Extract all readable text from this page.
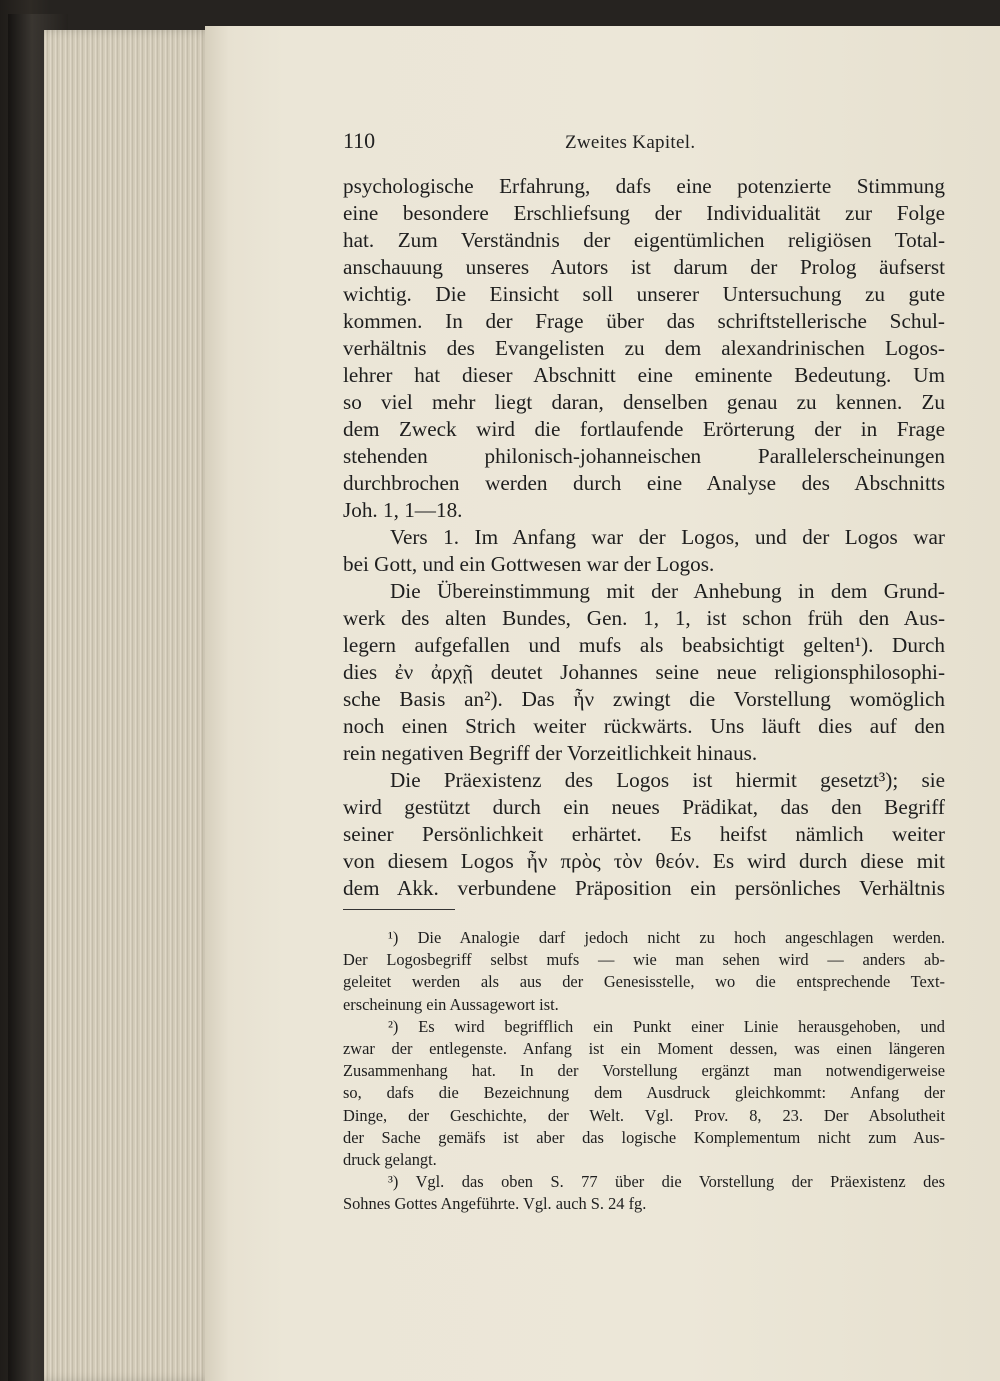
110	Zweites Kapitel.

psychologische Erfahrung, dafs eine potenzierte Stimmung

eine besondere Erschliefsung der Individualität zur Folge

hat. Zum Verständnis der eigentümlichen religiösen Total-

anschauung unseres Autors ist darum der Prolog äufserst

wichtig. Die Einsicht soll unserer Untersuchung zu gute

kommen. In der Frage über das schriftstellerische Schul-

verhältnis des Evangelisten zu dem alexandrinischen Logos-

lehrer hat dieser Abschnitt eine eminente Bedeutung. Um

so viel mehr liegt daran, denselben genau zu kennen. Zu

dem Zweck wird die fortlaufende Erörterung der in Frage

stehenden philonisch-johanneischen Parallelerscheinungen

durchbrochen werden durch eine Analyse des Abschnitts

Joh. 1, 1—18.

Vers 1. Im Anfang war der Logos, und der Logos war

bei Gott, und ein Gottwesen war der Logos.

Die Übereinstimmung mit der Anhebung in dem Grund-

werk des alten Bundes, Gen. 1, 1, ist schon früh den Aus-

legern aufgefallen und mufs als beabsichtigt gelten¹). Durch

dies ἐν ἀρχῇ deutet Johannes seine neue religionsphilosophi-

sche Basis an²). Das ἦν zwingt die Vorstellung womöglich

noch einen Strich weiter rückwärts. Uns läuft dies auf den

rein negativen Begriff der Vorzeitlichkeit hinaus.

Die Präexistenz des Logos ist hiermit gesetzt³); sie

wird gestützt durch ein neues Prädikat, das den Begriff

seiner Persönlichkeit erhärtet. Es heifst nämlich weiter

von diesem Logos ἦν πρὸς τὸν θεόν. Es wird durch diese mit

dem Akk. verbundene Präposition ein persönliches Verhältnis

¹) Die Analogie darf jedoch nicht zu hoch angeschlagen werden.

Der Logosbegriff selbst mufs — wie man sehen wird — anders ab-

geleitet werden als aus der Genesisstelle, wo die entsprechende Text-

erscheinung ein Aussagewort ist.

²) Es wird begrifflich ein Punkt einer Linie herausgehoben, und

zwar der entlegenste. Anfang ist ein Moment dessen, was einen längeren

Zusammenhang hat. In der Vorstellung ergänzt man notwendigerweise

so, dafs die Bezeichnung dem Ausdruck gleichkommt: Anfang der

Dinge, der Geschichte, der Welt. Vgl. Prov. 8, 23. Der Absolutheit

der Sache gemäfs ist aber das logische Komplementum nicht zum Aus-

druck gelangt.

³) Vgl. das oben S. 77 über die Vorstellung der Präexistenz des

Sohnes Gottes Angeführte. Vgl. auch S. 24 fg.
